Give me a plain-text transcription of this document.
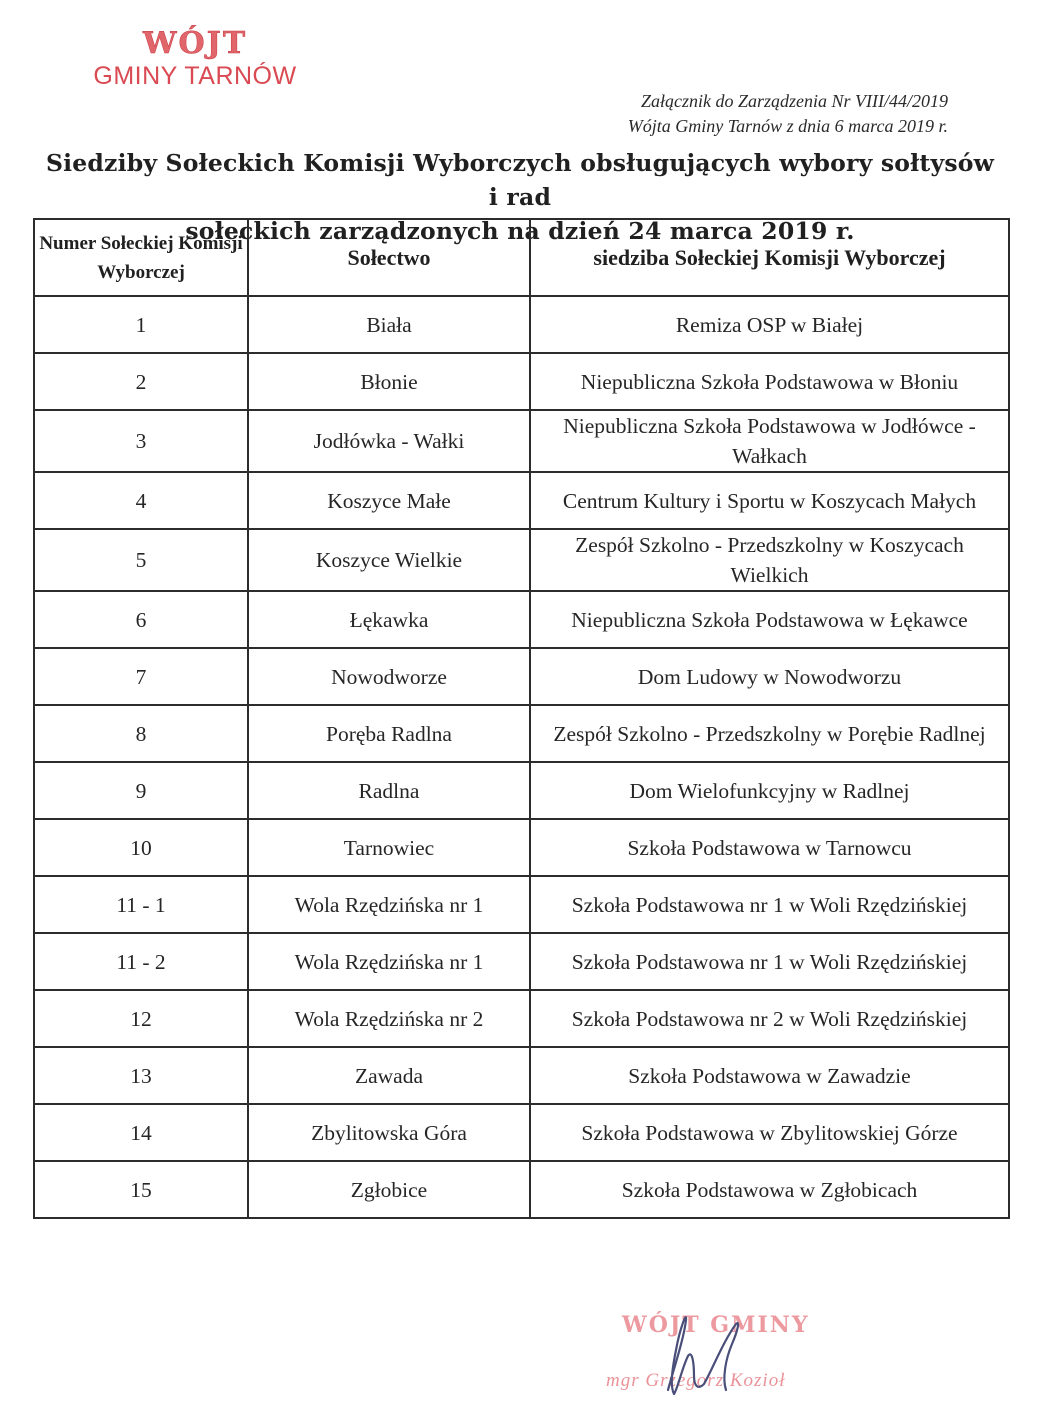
WÓJT
GMINY TARNÓW
Załącznik do Zarządzenia Nr VIII/44/2019
Wójta Gminy Tarnów z dnia 6 marca 2019 r.
Siedziby Sołeckich Komisji Wyborczych obsługujących wybory sołtysów i rad
sołeckich zarządzonych na dzień 24 marca 2019 r.
Numer Sołeckiej Komisji Wyborczej	Sołectwo	siedziba Sołeckiej Komisji Wyborczej
1	Biała	Remiza OSP w Białej
2	Błonie	Niepubliczna Szkoła Podstawowa w Błoniu
3	Jodłówka - Wałki	Niepubliczna Szkoła Podstawowa w Jodłówce - Wałkach
4	Koszyce Małe	Centrum Kultury i Sportu w Koszycach Małych
5	Koszyce Wielkie	Zespół Szkolno - Przedszkolny w Koszycach Wielkich
6	Łękawka	Niepubliczna Szkoła Podstawowa w Łękawce
7	Nowodworze	Dom Ludowy w Nowodworzu
8	Poręba Radlna	Zespół Szkolno - Przedszkolny w Porębie Radlnej
9	Radlna	Dom Wielofunkcyjny w Radlnej
10	Tarnowiec	Szkoła Podstawowa w Tarnowcu
11 - 1	Wola Rzędzińska nr 1	Szkoła Podstawowa nr 1 w Woli Rzędzińskiej
11 - 2	Wola Rzędzińska nr 1	Szkoła Podstawowa nr 1 w Woli Rzędzińskiej
12	Wola Rzędzińska nr 2	Szkoła Podstawowa nr 2 w Woli Rzędzińskiej
13	Zawada	Szkoła Podstawowa w Zawadzie
14	Zbylitowska Góra	Szkoła Podstawowa w Zbylitowskiej Górze
15	Zgłobice	Szkoła Podstawowa w Zgłobicach
WÓJT GMINY
mgr Grzegorz Kozioł
